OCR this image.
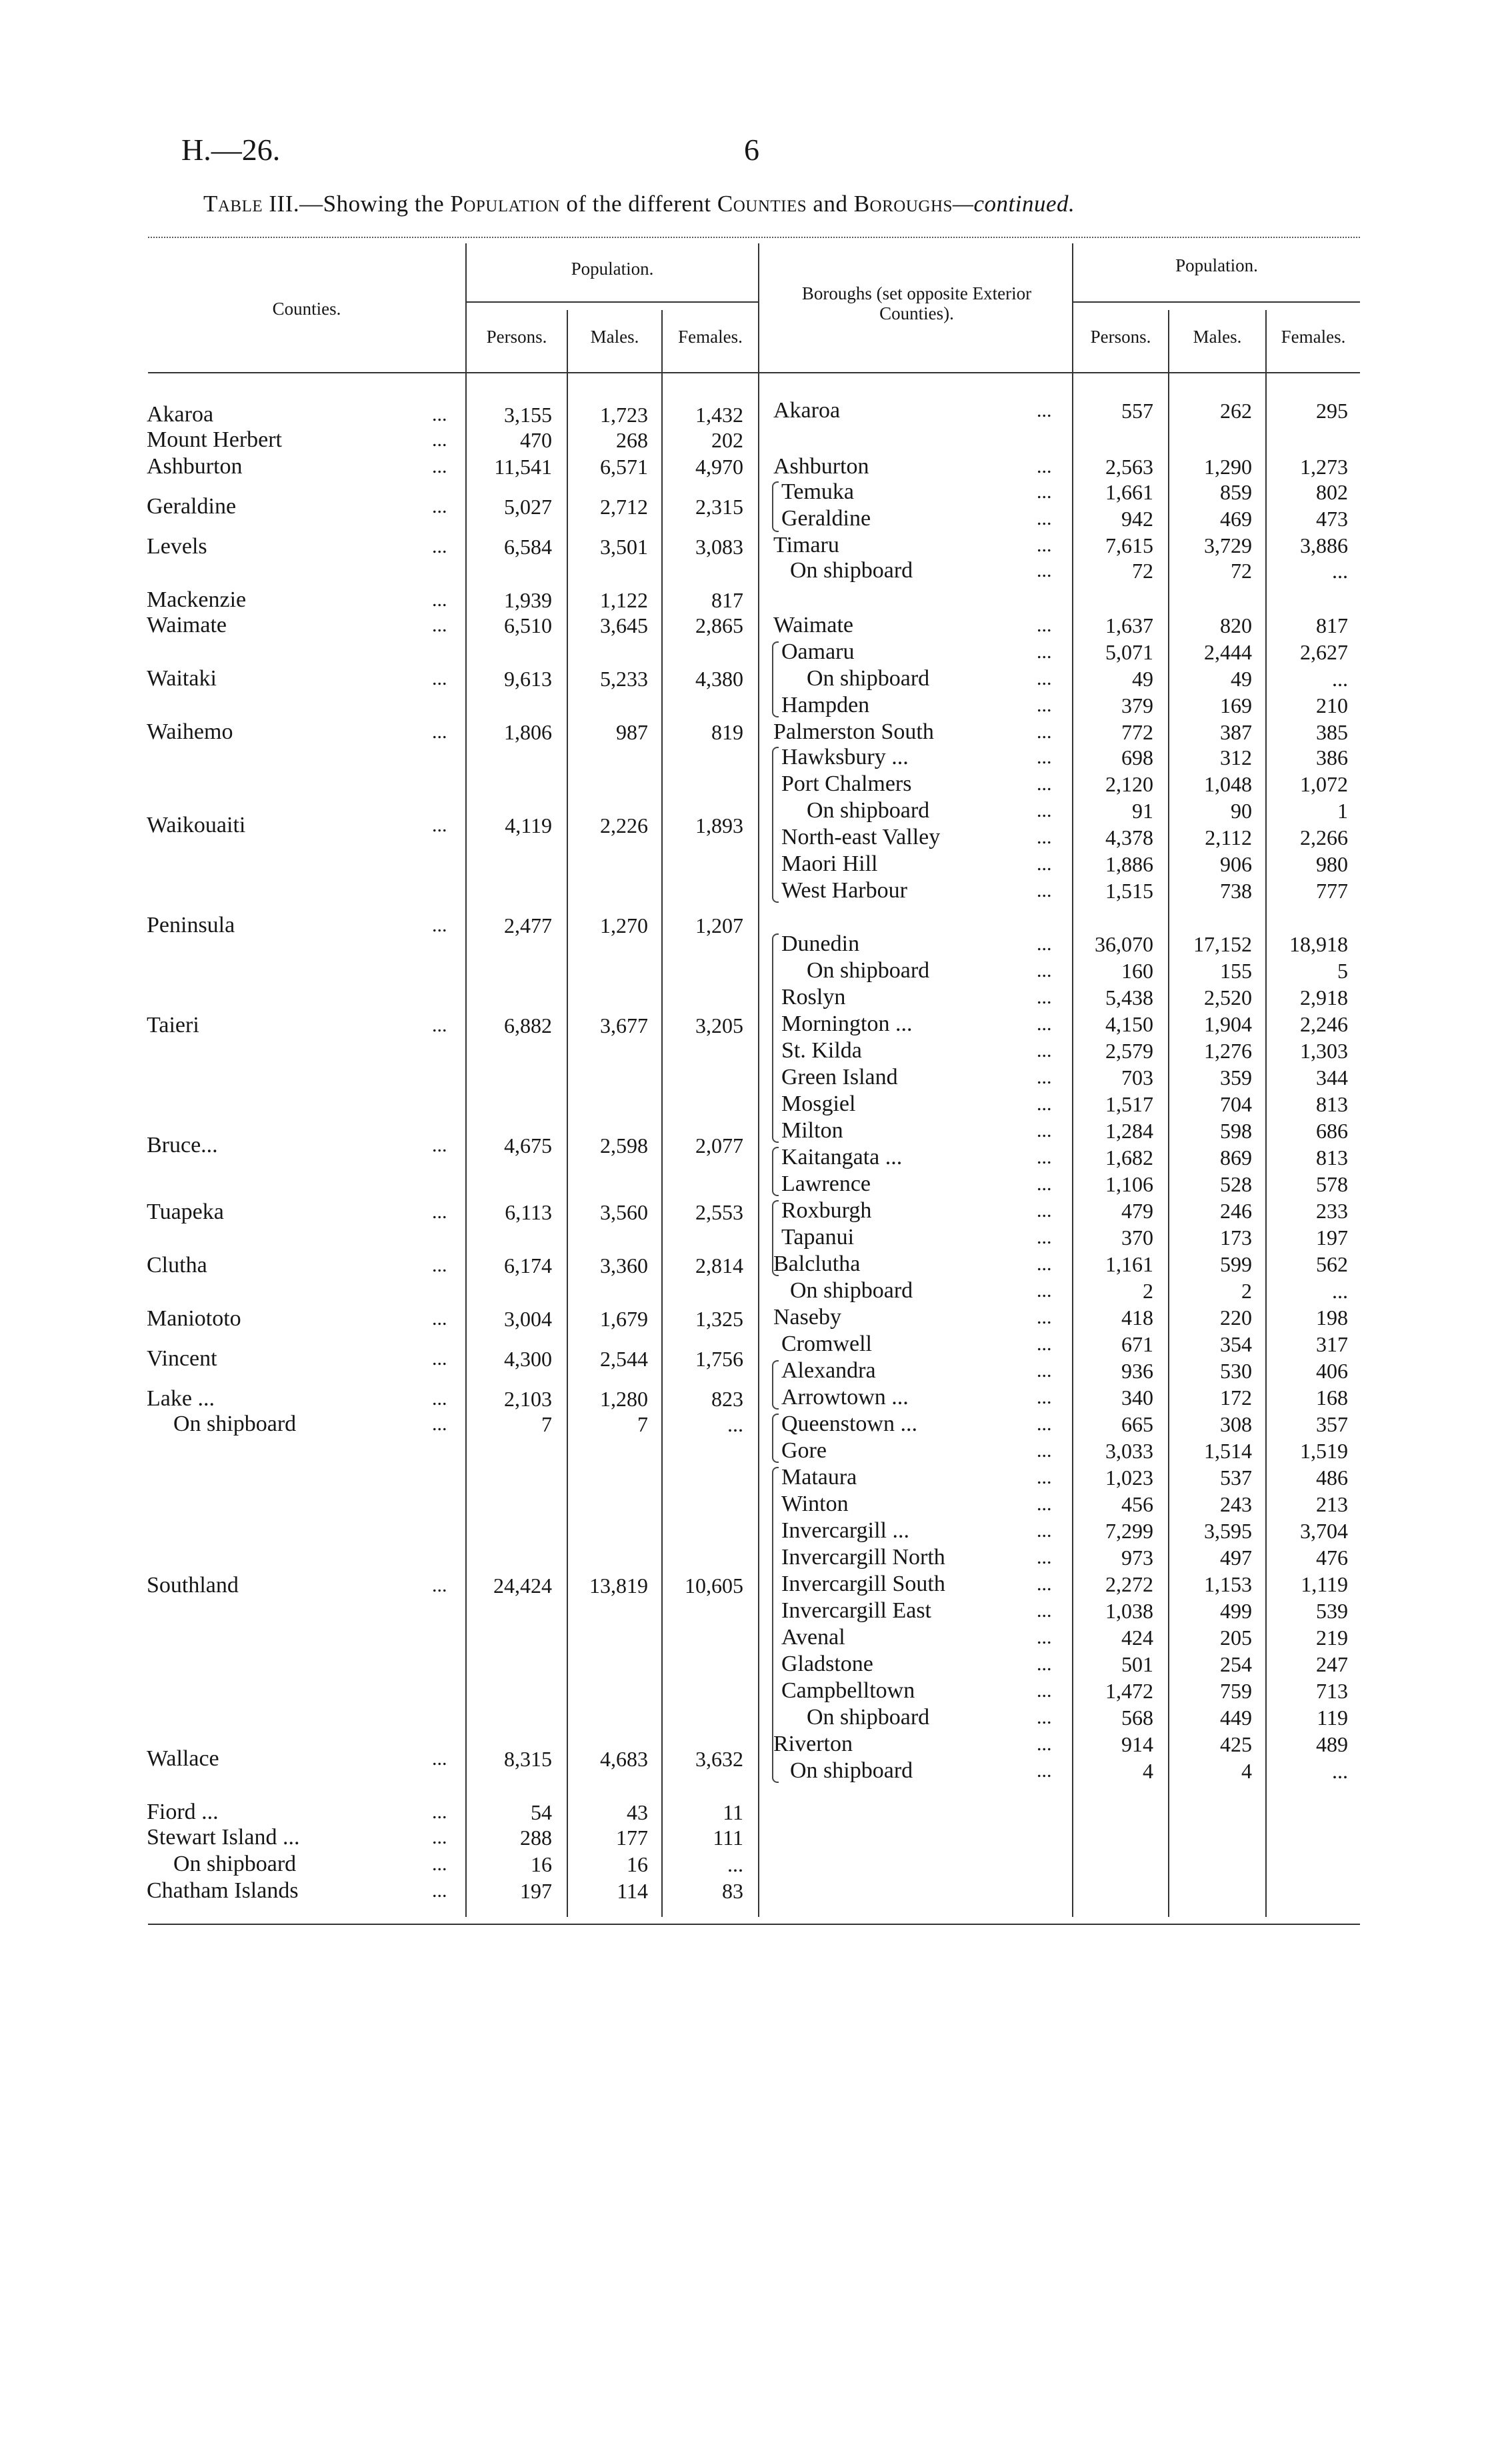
H.—26.	6
Table III.—Showing the Population of the different Counties and Boroughs—continued.
Counties.
Population.
Persons.	Males.	Females.
Boroughs (set opposite Exterior Counties).
Population.
Persons.	Males.	Females.
Akaroa	...	3,155	1,723	1,432
Mount Herbert	...	470	268	202
Ashburton	...	11,541	6,571	4,970
Geraldine	...	5,027	2,712	2,315
Levels	...	6,584	3,501	3,083
Mackenzie	...	1,939	1,122	817
Waimate	...	6,510	3,645	2,865
Waitaki	...	9,613	5,233	4,380
Waihemo	...	1,806	987	819
Waikouaiti	...	4,119	2,226	1,893
Peninsula	...	2,477	1,270	1,207
Taieri	...	6,882	3,677	3,205
Bruce...	...	4,675	2,598	2,077
Tuapeka	...	6,113	3,560	2,553
Clutha	...	6,174	3,360	2,814
Maniototo	...	3,004	1,679	1,325
Vincent	...	4,300	2,544	1,756
Lake ...	...	2,103	1,280	823
On shipboard	...	7	7	...
Southland	...	24,424	13,819	10,605
Wallace	...	8,315	4,683	3,632
Fiord ...	...	54	43	11
Stewart Island ...	...	288	177	111
On shipboard	...	16	16	...
Chatham Islands	...	197	114	83
Akaroa	...	557	262	295
Ashburton	...	2,563	1,290	1,273
Temuka	...	1,661	859	802
Geraldine	...	942	469	473
Timaru	...	7,615	3,729	3,886
On shipboard	...	72	72	...
Waimate	...	1,637	820	817
Oamaru	...	5,071	2,444	2,627
On shipboard	...	49	49	...
Hampden	...	379	169	210
Palmerston South	...	772	387	385
Hawksbury ...	...	698	312	386
Port Chalmers	...	2,120	1,048	1,072
On shipboard	...	91	90	1
North-east Valley	...	4,378	2,112	2,266
Maori Hill	...	1,886	906	980
West Harbour	...	1,515	738	777
Dunedin	...	36,070	17,152	18,918
On shipboard	...	160	155	5
Roslyn	...	5,438	2,520	2,918
Mornington ...	...	4,150	1,904	2,246
St. Kilda	...	2,579	1,276	1,303
Green Island	...	703	359	344
Mosgiel	...	1,517	704	813
Milton	...	1,284	598	686
Kaitangata ...	...	1,682	869	813
Lawrence	...	1,106	528	578
Roxburgh	...	479	246	233
Tapanui	...	370	173	197
Balclutha	...	1,161	599	562
On shipboard	...	2	2	...
Naseby	...	418	220	198
Cromwell	...	671	354	317
Alexandra	...	936	530	406
Arrowtown ...	...	340	172	168
Queenstown ...	...	665	308	357
Gore	...	3,033	1,514	1,519
Mataura	...	1,023	537	486
Winton	...	456	243	213
Invercargill ...	...	7,299	3,595	3,704
Invercargill North	...	973	497	476
Invercargill South	...	2,272	1,153	1,119
Invercargill East	...	1,038	499	539
Avenal	...	424	205	219
Gladstone	...	501	254	247
Campbelltown	...	1,472	759	713
On shipboard	...	568	449	119
Riverton	...	914	425	489
On shipboard	...	4	4	...
